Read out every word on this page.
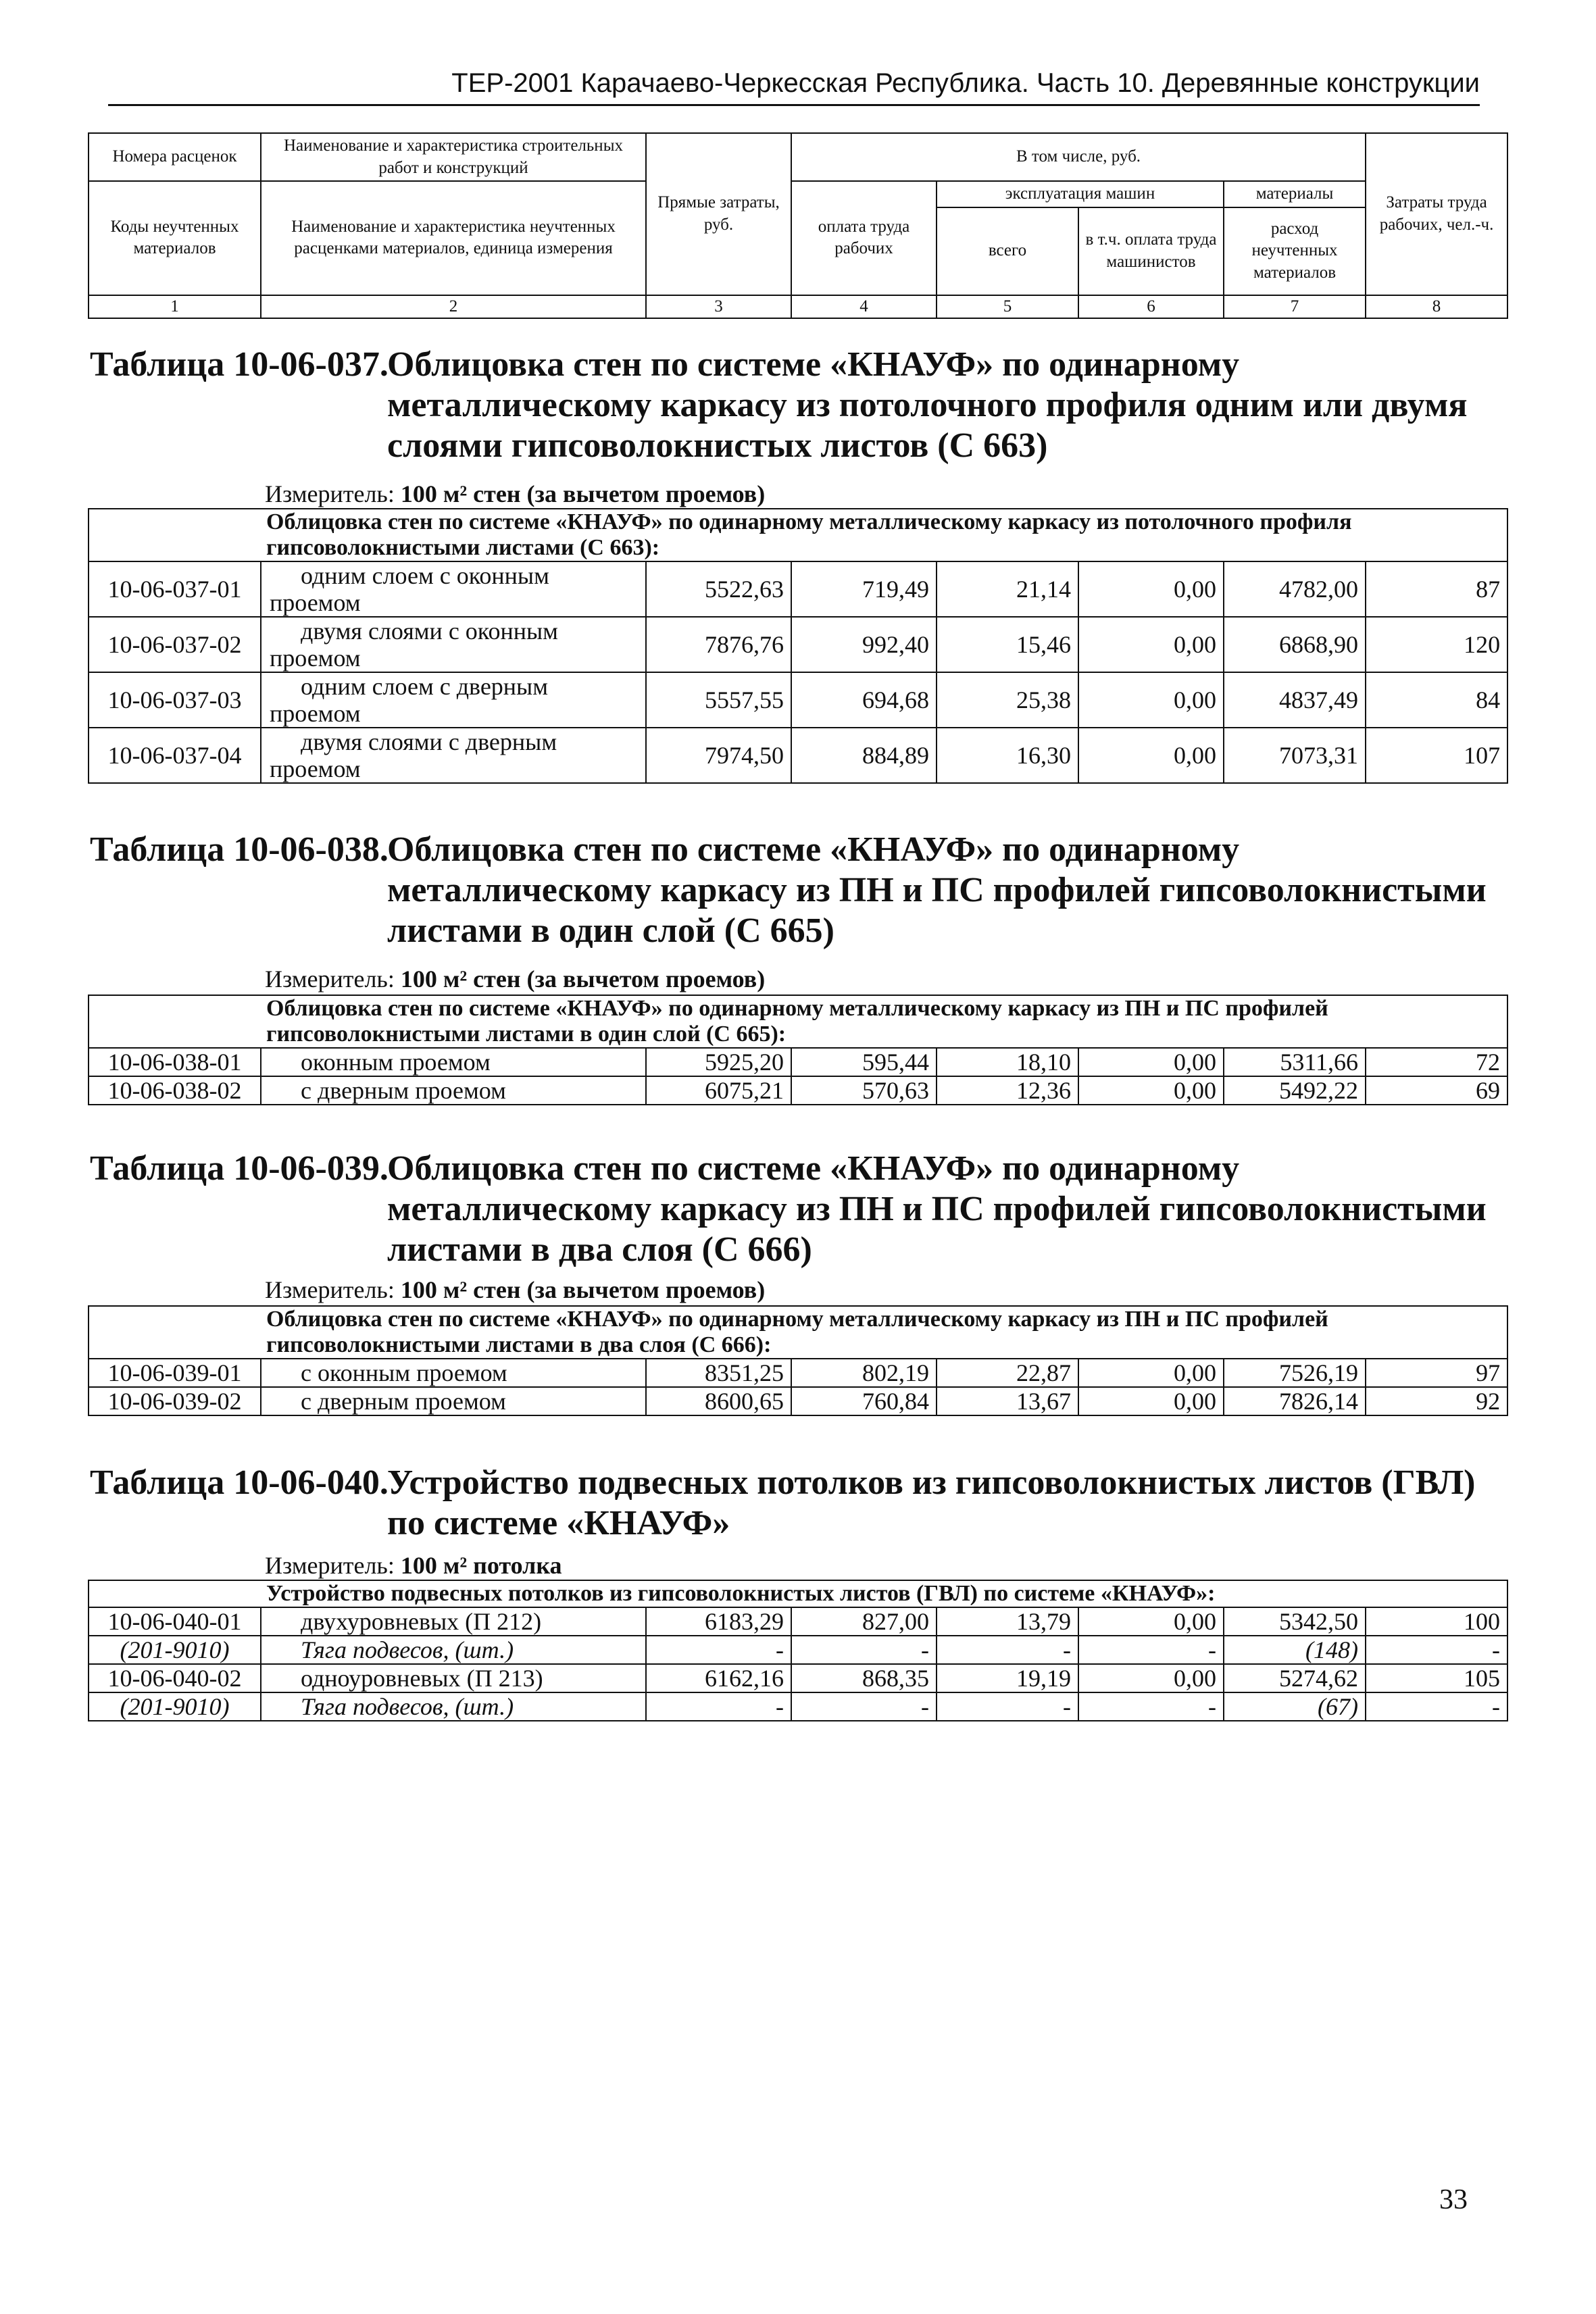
ТЕР-2001 Карачаево-Черкесская Республика. Часть 10. Деревянные конструкции
Номера расценок	Наименование и характеристика строительных работ и конструкций	Прямые затраты, руб.	В том числе, руб.				Затраты труда рабочих, чел.-ч.
Коды неучтенных материалов	Наименование и характеристика неучтенных расценками материалов, единица измерения		оплата труда рабочих	эксплуатация машин		материалы	
				всего	в т.ч. оплата труда машинистов	расход неучтенных материалов	
1	2	3	4	5	6	7	8
Таблица 10-06-037.
Облицовка стен по системе «КНАУФ» по одинарному металлическому каркасу из потолочного профиля одним или двумя слоями гипсоволокнистых листов (С 663)
Измеритель: 100 м² стен (за вычетом проемов)
Облицовка стен по системе «КНАУФ» по одинарному металлическому каркасу из потолочного профиля гипсоволокнистыми листами (С 663):							
10-06-037-01	одним слоем с оконным проемом	5522,63	719,49	21,14	0,00	4782,00	87
10-06-037-02	двумя слоями с оконным проемом	7876,76	992,40	15,46	0,00	6868,90	120
10-06-037-03	одним слоем с дверным проемом	5557,55	694,68	25,38	0,00	4837,49	84
10-06-037-04	двумя слоями с дверным проемом	7974,50	884,89	16,30	0,00	7073,31	107
Таблица 10-06-038.
Облицовка стен по системе «КНАУФ» по одинарному металлическому каркасу из ПН и ПС профилей гипсоволокнистыми листами в один слой (С 665)
Измеритель: 100 м² стен (за вычетом проемов)
Облицовка стен по системе «КНАУФ» по одинарному металлическому каркасу из ПН и ПС профилей гипсоволокнистыми листами в один слой (С 665):							
10-06-038-01	оконным проемом	5925,20	595,44	18,10	0,00	5311,66	72
10-06-038-02	с дверным проемом	6075,21	570,63	12,36	0,00	5492,22	69
Таблица 10-06-039.
Облицовка стен по системе «КНАУФ» по одинарному металлическому каркасу из ПН и ПС профилей гипсоволокнистыми листами в два слоя (С 666)
Измеритель: 100 м² стен (за вычетом проемов)
Облицовка стен по системе «КНАУФ» по одинарному металлическому каркасу из ПН и ПС профилей гипсоволокнистыми листами в два слоя (С 666):							
10-06-039-01	с оконным проемом	8351,25	802,19	22,87	0,00	7526,19	97
10-06-039-02	с дверным проемом	8600,65	760,84	13,67	0,00	7826,14	92
Таблица 10-06-040.
Устройство подвесных потолков из гипсоволокнистых листов (ГВЛ) по системе «КНАУФ»
Измеритель: 100 м² потолка
Устройство подвесных потолков из гипсоволокнистых листов (ГВЛ) по системе «КНАУФ»:							
10-06-040-01	двухуровневых (П 212)	6183,29	827,00	13,79	0,00	5342,50	100
(201-9010)	Тяга подвесов, (шт.)	-	-	-	-	(148)	-
10-06-040-02	одноуровневых (П 213)	6162,16	868,35	19,19	0,00	5274,62	105
(201-9010)	Тяга подвесов, (шт.)	-	-	-	-	(67)	-
33
